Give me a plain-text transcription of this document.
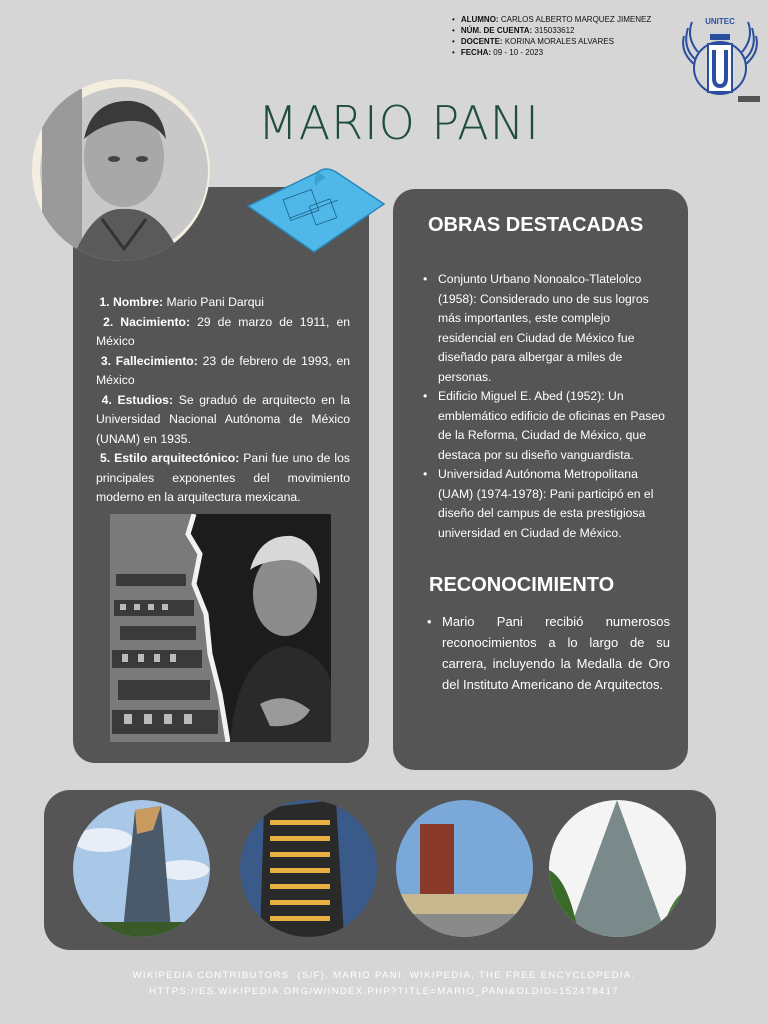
• ALUMNO: CARLOS ALBERTO MARQUEZ JIMENEZ
• NÚM. DE CUENTA: 315033612
• DOCENTE: KORINA MORALES ALVARES
• FECHA: 09 - 10 - 2023
UNITEC
MARIO PANI

1. Nombre: Mario Pani Darqui

2. Nacimiento: 29 de marzo de 1911, en México

3. Fallecimiento: 23 de febrero de 1993, en México

4. Estudios: Se graduó de arquitecto en la Universidad Nacional Autónoma de México (UNAM) en 1935.

5. Estilo arquitectónico: Pani fue uno de los principales exponentes del movimiento moderno en la arquitectura mexicana.

OBRAS DESTACADAS
• Conjunto Urbano Nonoalco-Tlatelolco (1958): Considerado uno de sus logros más importantes, este complejo residencial en Ciudad de México fue diseñado para albergar a miles de personas.
• Edificio Miguel E. Abed (1952): Un emblemático edificio de oficinas en Paseo de la Reforma, Ciudad de México, que destaca por su diseño vanguardista.
• Universidad Autónoma Metropolitana (UAM) (1974-1978): Pani participó en el diseño del campus de esta prestigiosa universidad en Ciudad de México.
RECONOCIMIENTO
• Mario Pani recibió numerosos reconocimientos a lo largo de su carrera, incluyendo la Medalla de Oro del Instituto Americano de Arquitectos.
WIKIPEDIA CONTRIBUTORS. (S/F). MARIO PANI. WIKIPEDIA, THE FREE ENCYCLOPEDIA.
HTTPS://ES.WIKIPEDIA.ORG/W/INDEX.PHP?TITLE=MARIO_PANI&OLDID=152478417
